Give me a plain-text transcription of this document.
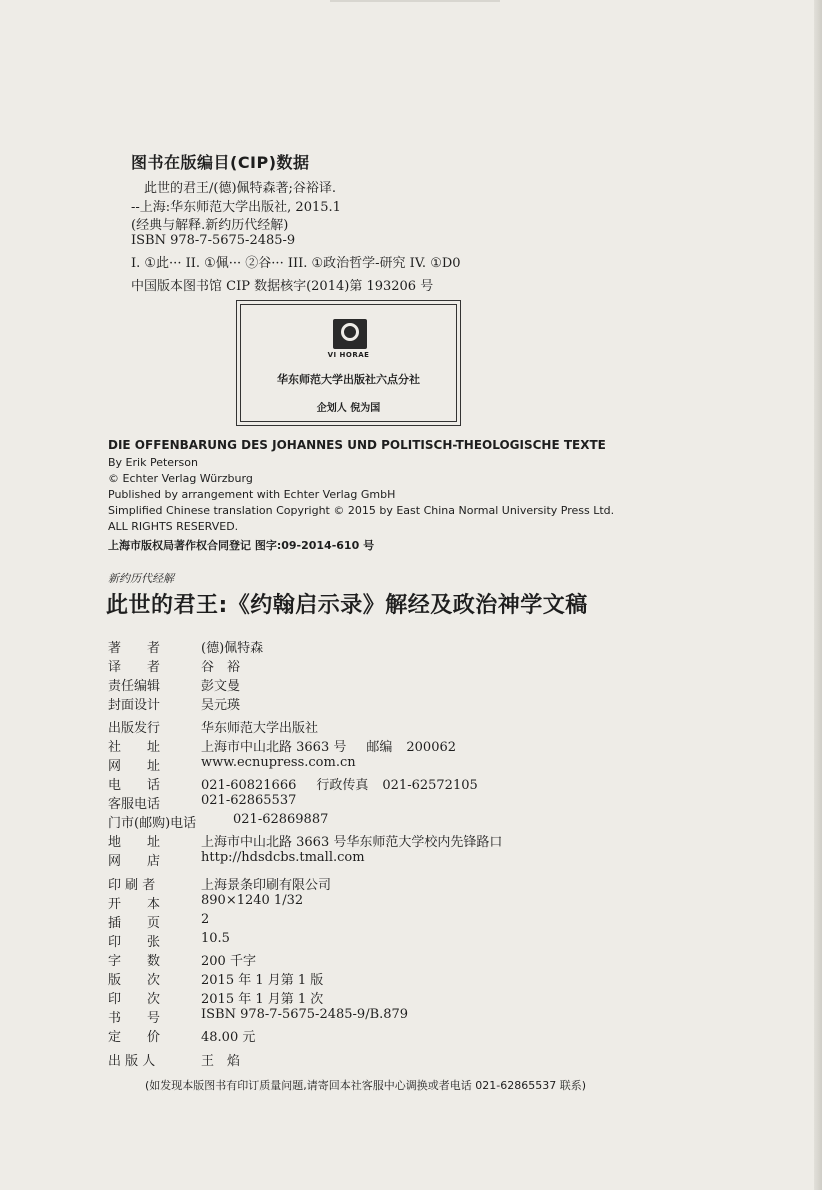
图书在版编目(CIP)数据
此世的君王/(德)佩特森著;谷裕译.
--上海:华东师范大学出版社, 2015.1
(经典与解释.新约历代经解)
ISBN 978-7-5675-2485-9
I. ①此··· II. ①佩··· ②谷··· III. ①政治哲学-研究 IV. ①D0
中国版本图书馆 CIP 数据核字(2014)第 193206 号
VI HORAE
华东师范大学出版社六点分社
企划人 倪为国
DIE OFFENBARUNG DES JOHANNES UND POLITISCH-THEOLOGISCHE TEXTE
By Erik Peterson
© Echter Verlag Würzburg
Published by arrangement with Echter Verlag GmbH
Simplified Chinese translation Copyright © 2015 by East China Normal University Press Ltd.
ALL RIGHTS RESERVED.
上海市版权局著作权合同登记 图字:09-2014-610 号
新约历代经解
此世的君王:《约翰启示录》解经及政治神学文稿
著　　者	(德)佩特森
译　　者	谷　裕
责任编辑	彭文曼
封面设计	吴元瑛
出版发行	华东师范大学出版社
社　　址	上海市中山北路 3663 号 邮编 200062
网　　址	www.ecnupress.com.cn
电　　话	021-60821666 行政传真 021-62572105
客服电话	021-62865537
门市(邮购)电话	021-62869887
地　　址	上海市中山北路 3663 号华东师范大学校内先锋路口
网　　店	http://hdsdcbs.tmall.com
印 刷 者	上海景条印刷有限公司
开　　本	890×1240 1/32
插　　页	2
印　　张	10.5
字　　数	200 千字
版　　次	2015 年 1 月第 1 版
印　　次	2015 年 1 月第 1 次
书　　号	ISBN 978-7-5675-2485-9/B.879
定　　价	48.00 元
出 版 人	王　焰
(如发现本版图书有印订质量问题,请寄回本社客服中心调换或者电话 021-62865537 联系)
